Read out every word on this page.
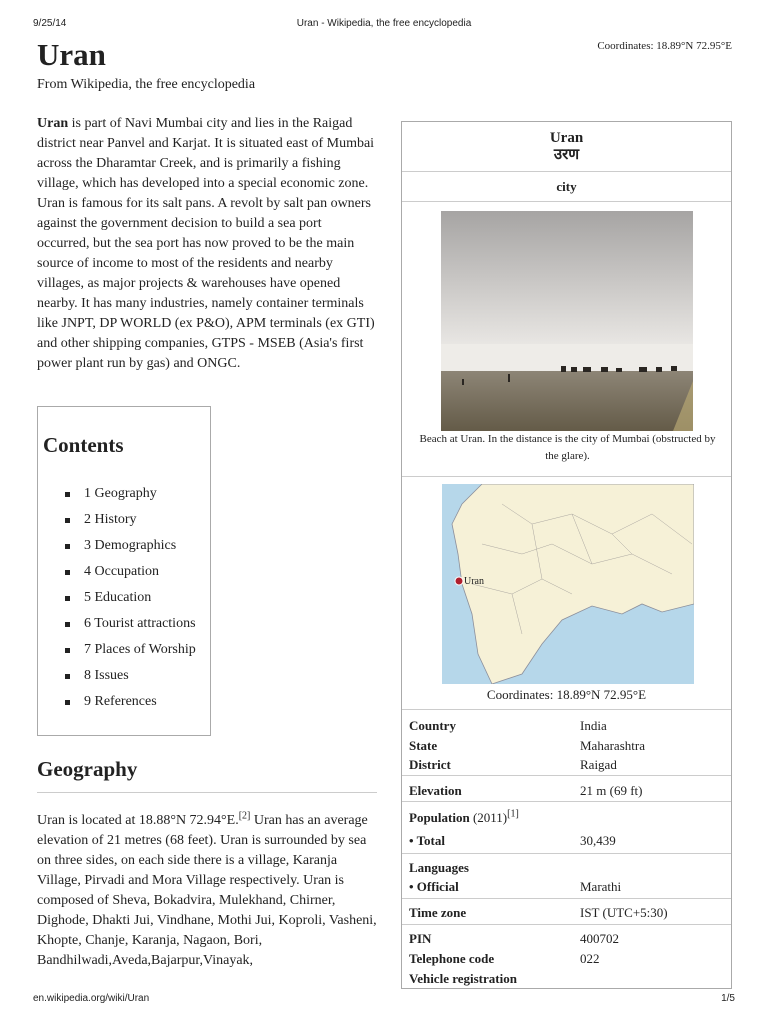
9/25/14	Uran - Wikipedia, the free encyclopedia
Uran
From Wikipedia, the free encyclopedia
Coordinates: 18.89°N 72.95°E

Uran is part of Navi Mumbai city and lies in the Raigad district near Panvel and Karjat. It is situated east of Mumbai across the Dharamtar Creek, and is primarily a fishing village, which has developed into a special economic zone. Uran is famous for its salt pans. A revolt by salt pan owners against the government decision to build a sea port occurred, but the sea port has now proved to be the main source of income to most of the residents and nearby villages, as major projects & warehouses have opened nearby. It has many industries, namely container terminals like JNPT, DP WORLD (ex P&O), APM terminals (ex GTI) and other shipping companies, GTPS - MSEB (Asia's first power plant run by gas) and ONGC.

Contents
1 Geography
2 History
3 Demographics
4 Occupation
5 Education
6 Tourist attractions
7 Places of Worship
8 Issues
9 References
Geography

Uran is located at 18.88°N 72.94°E.[2] Uran has an average elevation of 21 metres (68 feet). Uran is surrounded by sea on three sides, on each side there is a village, Karanja Village, Pirvadi and Mora Village respectively. Uran is composed of Sheva, Bokadvira, Mulekhand, Chirner, Dighode, Dhakti Jui, Vindhane, Mothi Jui, Koproli, Vasheni, Khopte, Chanje, Karanja, Nagaon, Bori, Bandhilwadi,Aveda,Bajarpur,Vinayak,

Uran
उरण
city
Beach at Uran. In the distance is the city of Mumbai (obstructed by the glare).
Uran
Coordinates: 18.89°N 72.95°E
Country	India
State	Maharashtra
District	Raigad
Elevation	21 m (69 ft)
Population (2011)[1]
• Total	30,439
Languages
• Official	Marathi
Time zone	IST (UTC+5:30)
PIN	400702
Telephone code	022
Vehicle registration
en.wikipedia.org/wiki/Uran	1/5
